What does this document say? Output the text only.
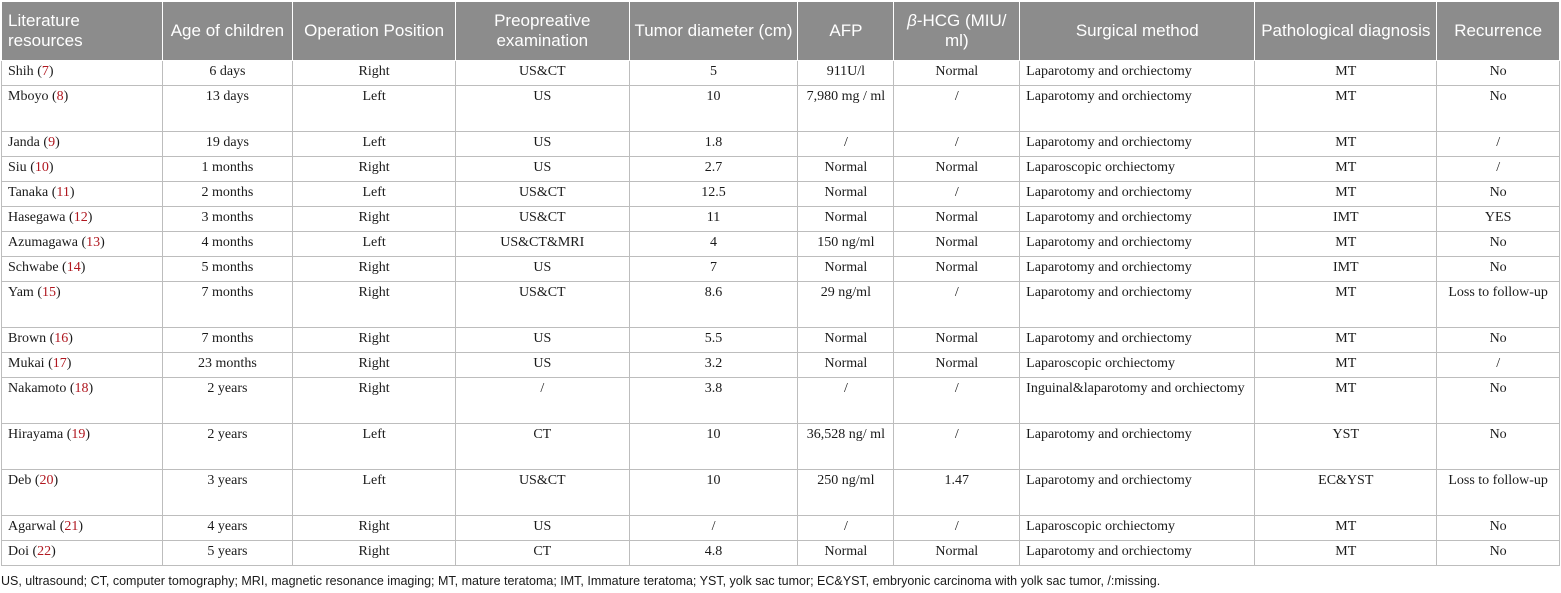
Literature resources	Age of children	Operation Position	Preopreative examination	Tumor diameter (cm)	AFP	β-HCG (MIU/ ml)	Surgical method	Pathological diagnosis	Recurrence
Shih (7)	6 days	Right	US&CT	5	911U/l	Normal	Laparotomy and orchiectomy	MT	No
Mboyo (8)	13 days	Left	US	10	7,980 mg / ml	/	Laparotomy and orchiectomy	MT	No
Janda (9)	19 days	Left	US	1.8	/	/	Laparotomy and orchiectomy	MT	/
Siu (10)	1 months	Right	US	2.7	Normal	Normal	Laparoscopic orchiectomy	MT	/
Tanaka (11)	2 months	Left	US&CT	12.5	Normal	/	Laparotomy and orchiectomy	MT	No
Hasegawa (12)	3 months	Right	US&CT	11	Normal	Normal	Laparotomy and orchiectomy	IMT	YES
Azumagawa (13)	4 months	Left	US&CT&MRI	4	150 ng/ml	Normal	Laparotomy and orchiectomy	MT	No
Schwabe (14)	5 months	Right	US	7	Normal	Normal	Laparotomy and orchiectomy	IMT	No
Yam (15)	7 months	Right	US&CT	8.6	29 ng/ml	/	Laparotomy and orchiectomy	MT	Loss to follow-up
Brown (16)	7 months	Right	US	5.5	Normal	Normal	Laparotomy and orchiectomy	MT	No
Mukai (17)	23 months	Right	US	3.2	Normal	Normal	Laparoscopic orchiectomy	MT	/
Nakamoto (18)	2 years	Right	/	3.8	/	/	Inguinal&laparotomy and orchiectomy	MT	No
Hirayama (19)	2 years	Left	CT	10	36,528 ng/ ml	/	Laparotomy and orchiectomy	YST	No
Deb (20)	3 years	Left	US&CT	10	250 ng/ml	1.47	Laparotomy and orchiectomy	EC&YST	Loss to follow-up
Agarwal (21)	4 years	Right	US	/	/	/	Laparoscopic orchiectomy	MT	No
Doi (22)	5 years	Right	CT	4.8	Normal	Normal	Laparotomy and orchiectomy	MT	No
US, ultrasound; CT, computer tomography; MRI, magnetic resonance imaging; MT, mature teratoma; IMT, Immature teratoma; YST, yolk sac tumor; EC&YST, embryonic carcinoma with yolk sac tumor, /:missing.
